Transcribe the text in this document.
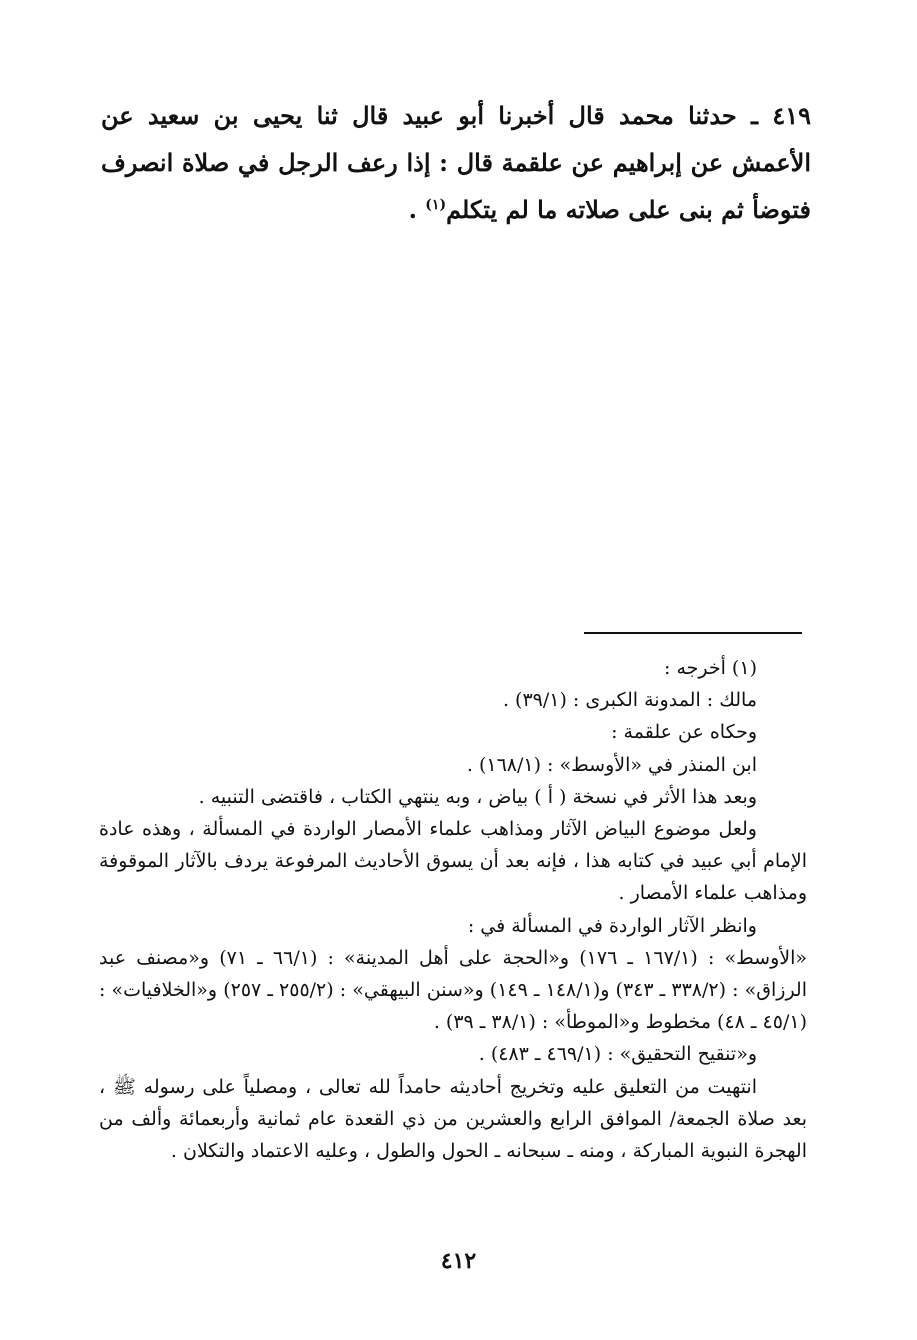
٤١٩ ـ حدثنا محمد قال أخبرنا أبو عبيد قال ثنا يحيى بن سعيد عن الأعمش عن إبراهيم عن علقمة قال : إذا رعف الرجل في صلاة انصرف فتوضأ ثم بنى على صلاته ما لم يتكلم$^{(١)}$ .

(١) أخرجه :

مالك : المدونة الكبرى : (٣٩/١) .

وحكاه عن علقمة :

ابن المنذر في «الأوسط» : (١٦٨/١) .

وبعد هذا الأثر في نسخة ( أ ) بياض ، وبه ينتهي الكتاب ، فاقتضى التنبيه .

ولعل موضوع البياض الآثار ومذاهب علماء الأمصار الواردة في المسألة ، وهذه عادة الإمام أبي عبيد في كتابه هذا ، فإنه بعد أن يسوق الأحاديث المرفوعة يردف بالآثار الموقوفة ومذاهب علماء الأمصار .

وانظر الآثار الواردة في المسألة في :

«الأوسط» : (١٦٧/١ ـ ١٧٦) و«الحجة على أهل المدينة» : (٦٦/١ ـ ٧١) و«مصنف عبد الرزاق» : (٣٣٨/٢ ـ ٣٤٣) و(١٤٨/١ ـ ١٤٩) و«سنن البيهقي» : (٢٥٥/٢ ـ ٢٥٧) و«الخلافيات» : (٤٥/١ ـ ٤٨) مخطوط و«الموطأ» : (٣٨/١ ـ ٣٩) .

و«تنقيح التحقيق» : (٤٦٩/١ ـ ٤٨٣) .

انتهيت من التعليق عليه وتخريج أحاديثه حامداً لله تعالى ، ومصلياً على رسوله ﷺ ، بعد صلاة الجمعة/ الموافق الرابع والعشرين من ذي القعدة عام ثمانية وأربعمائة وألف من الهجرة النبوية المباركة ، ومنه ـ سبحانه ـ الحول والطول ، وعليه الاعتماد والتكلان .

٤١٢
